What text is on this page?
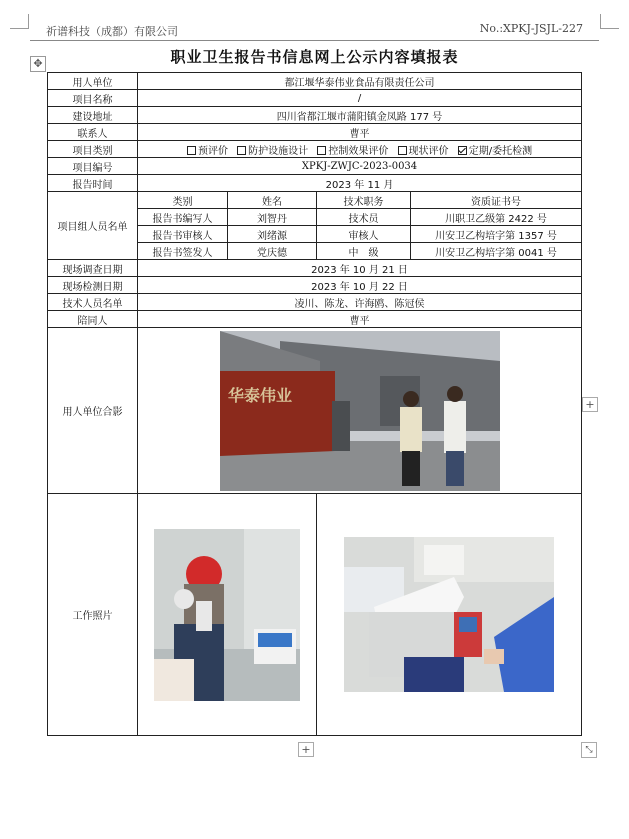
祈谱科技（成都）有限公司	No.:XPKJ-JSJL-227
✥	职业卫生报告书信息网上公示内容填报表
用人单位	都江堰华泰伟业食品有限责任公司			
项目名称	/			
建设地址	四川省都江堰市蒲阳镇金凤路 177 号			
联系人	曹平			
项目类别	预评价 防护设施设计 控制效果评价 现状评价 定期/委托检测			
项目编号	XPKJ-ZWJC-2023-0034			
报告时间	2023 年 11 月			
项目组人员名单	类别	姓名	技术职务	资质证书号
	报告书编写人	刘智丹	技术员	川职卫乙级第 2422 号
	报告书审核人	刘绪源	审核人	川安卫乙构培字第 1357 号
	报告书签发人	党庆德	中　级	川安卫乙构培字第 0041 号
现场调查日期	2023 年 10 月 21 日			
现场检测日期	2023 年 10 月 22 日			
技术人员名单	凌川、陈龙、许海鸥、陈冠侯			
陪同人	曹平			
用人单位合影	华泰伟业			

工作照片	

+
+	⤡
